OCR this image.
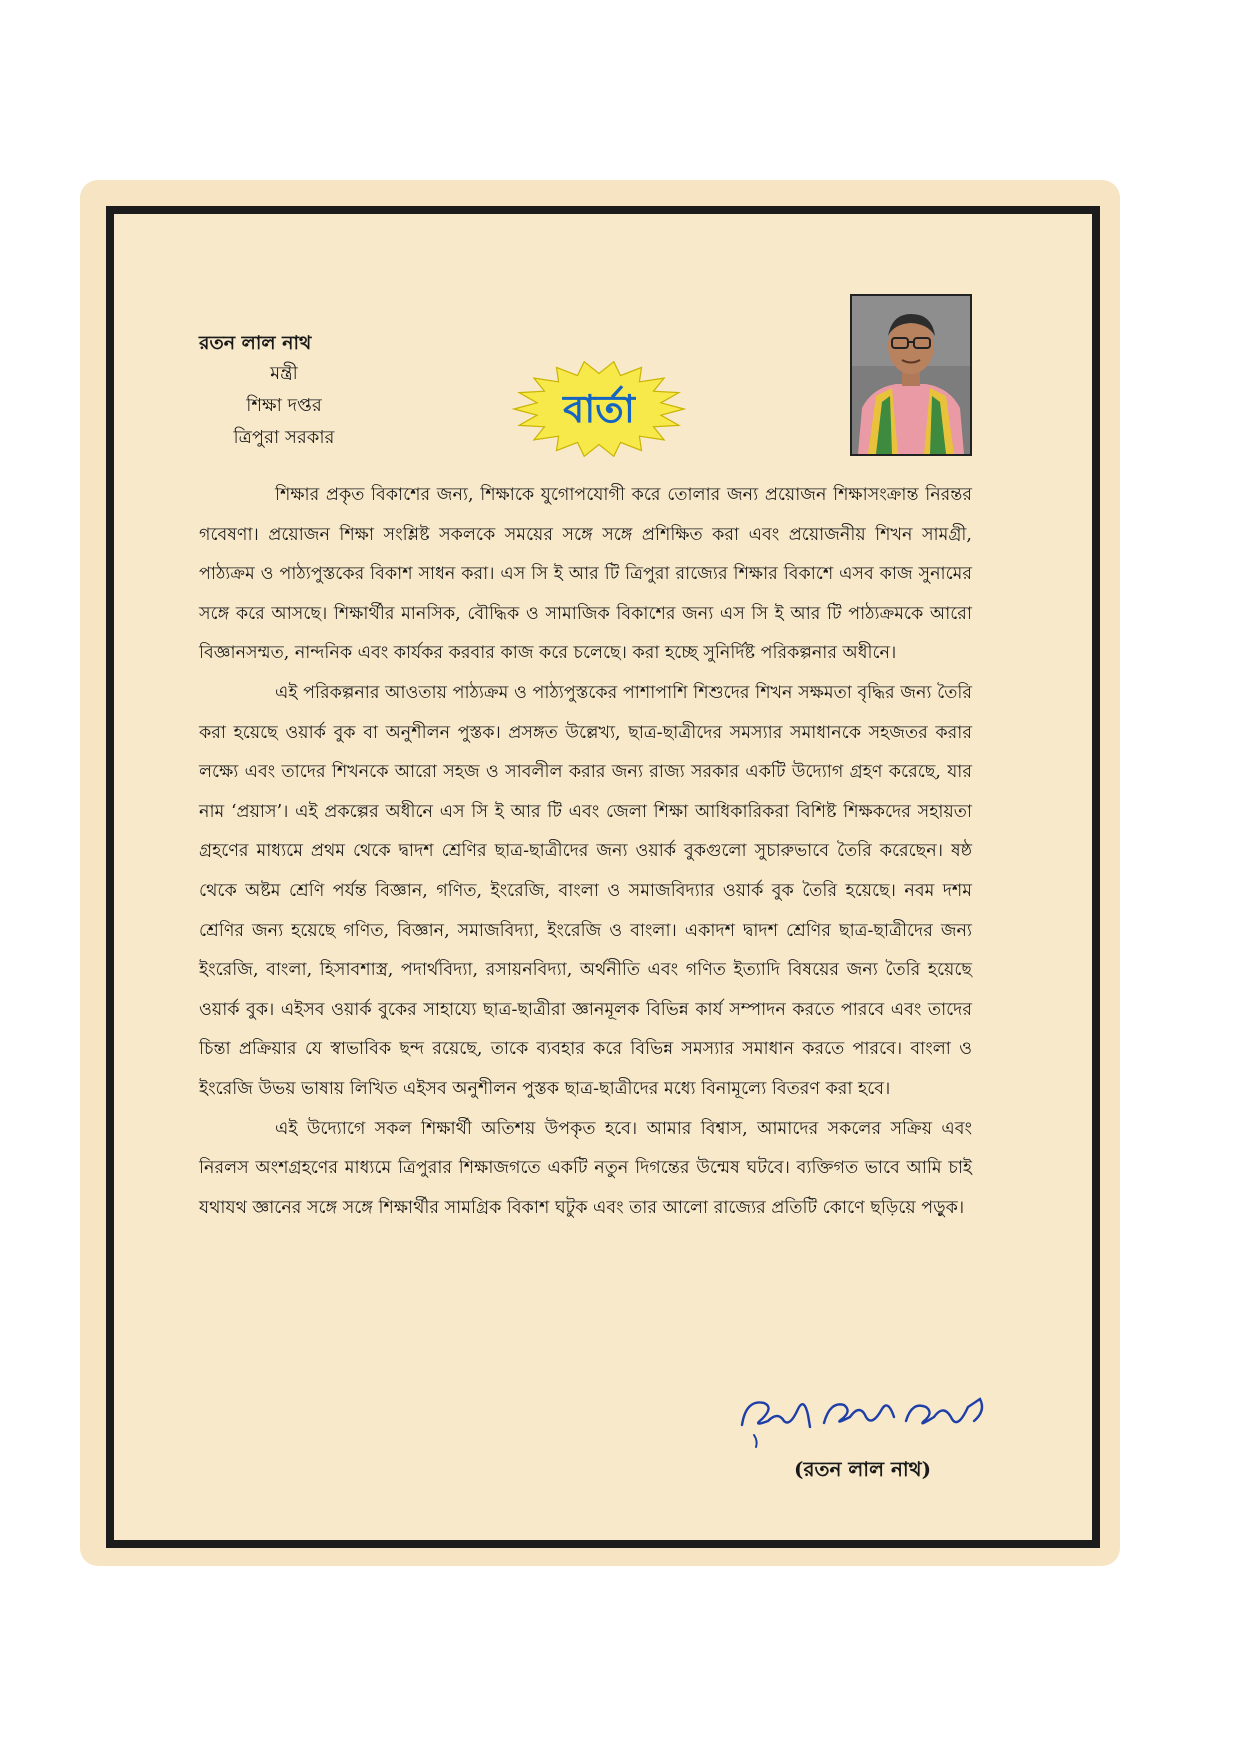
রতন লাল নাথ
মন্ত্রী
শিক্ষা দপ্তর
ত্রিপুরা সরকার
বার্তা

শিক্ষার প্রকৃত বিকাশের জন্য, শিক্ষাকে যুগোপযোগী করে তোলার জন্য প্রয়োজন শিক্ষাসংক্রান্ত নিরন্তর গবেষণা। প্রয়োজন শিক্ষা সংশ্লিষ্ট সকলকে সময়ের সঙ্গে সঙ্গে প্রশিক্ষিত করা এবং প্রয়োজনীয় শিখন সামগ্রী, পাঠ্যক্রম ও পাঠ্যপুস্তকের বিকাশ সাধন করা। এস সি ই আর টি ত্রিপুরা রাজ্যের শিক্ষার বিকাশে এসব কাজ সুনামের সঙ্গে করে আসছে। শিক্ষার্থীর মানসিক, বৌদ্ধিক ও সামাজিক বিকাশের জন্য এস সি ই আর টি পাঠ্যক্রমকে আরো বিজ্ঞানসম্মত, নান্দনিক এবং কার্যকর করবার কাজ করে চলেছে। করা হচ্ছে সুনির্দিষ্ট পরিকল্পনার অধীনে।

এই পরিকল্পনার আওতায় পাঠ্যক্রম ও পাঠ্যপুস্তকের পাশাপাশি শিশুদের শিখন সক্ষমতা বৃদ্ধির জন্য তৈরি করা হয়েছে ওয়ার্ক বুক বা অনুশীলন পুস্তক। প্রসঙ্গত উল্লেখ্য, ছাত্র-ছাত্রীদের সমস্যার সমাধানকে সহজতর করার লক্ষ্যে এবং তাদের শিখনকে আরো সহজ ও সাবলীল করার জন্য রাজ্য সরকার একটি উদ্যোগ গ্রহণ করেছে, যার নাম ‘প্রয়াস’। এই প্রকল্পের অধীনে এস সি ই আর টি এবং জেলা শিক্ষা আধিকারিকরা বিশিষ্ট শিক্ষকদের সহায়তা গ্রহণের মাধ্যমে প্রথম থেকে দ্বাদশ শ্রেণির ছাত্র-ছাত্রীদের জন্য ওয়ার্ক বুকগুলো সুচারুভাবে তৈরি করেছেন। ষষ্ঠ থেকে অষ্টম শ্রেণি পর্যন্ত বিজ্ঞান, গণিত, ইংরেজি, বাংলা ও সমাজবিদ্যার ওয়ার্ক বুক তৈরি হয়েছে। নবম দশম শ্রেণির জন্য হয়েছে গণিত, বিজ্ঞান, সমাজবিদ্যা, ইংরেজি ও বাংলা। একাদশ দ্বাদশ শ্রেণির ছাত্র-ছাত্রীদের জন্য ইংরেজি, বাংলা, হিসাবশাস্ত্র, পদার্থবিদ্যা, রসায়নবিদ্যা, অর্থনীতি এবং গণিত ইত্যাদি বিষয়ের জন্য তৈরি হয়েছে ওয়ার্ক বুক। এইসব ওয়ার্ক বুকের সাহায্যে ছাত্র-ছাত্রীরা জ্ঞানমূলক বিভিন্ন কার্য সম্পাদন করতে পারবে এবং তাদের চিন্তা প্রক্রিয়ার যে স্বাভাবিক ছন্দ রয়েছে, তাকে ব্যবহার করে বিভিন্ন সমস্যার সমাধান করতে পারবে। বাংলা ও ইংরেজি উভয় ভাষায় লিখিত এইসব অনুশীলন পুস্তক ছাত্র-ছাত্রীদের মধ্যে বিনামূল্যে বিতরণ করা হবে।

এই উদ্যোগে সকল শিক্ষার্থী অতিশয় উপকৃত হবে। আমার বিশ্বাস, আমাদের সকলের সক্রিয় এবং নিরলস অংশগ্রহণের মাধ্যমে ত্রিপুরার শিক্ষাজগতে একটি নতুন দিগন্তের উন্মেষ ঘটবে। ব্যক্তিগত ভাবে আমি চাই যথাযথ জ্ঞানের সঙ্গে সঙ্গে শিক্ষার্থীর সামগ্রিক বিকাশ ঘটুক এবং তার আলো রাজ্যের প্রতিটি কোণে ছড়িয়ে পড়ুক।

(রতন লাল নাথ)
